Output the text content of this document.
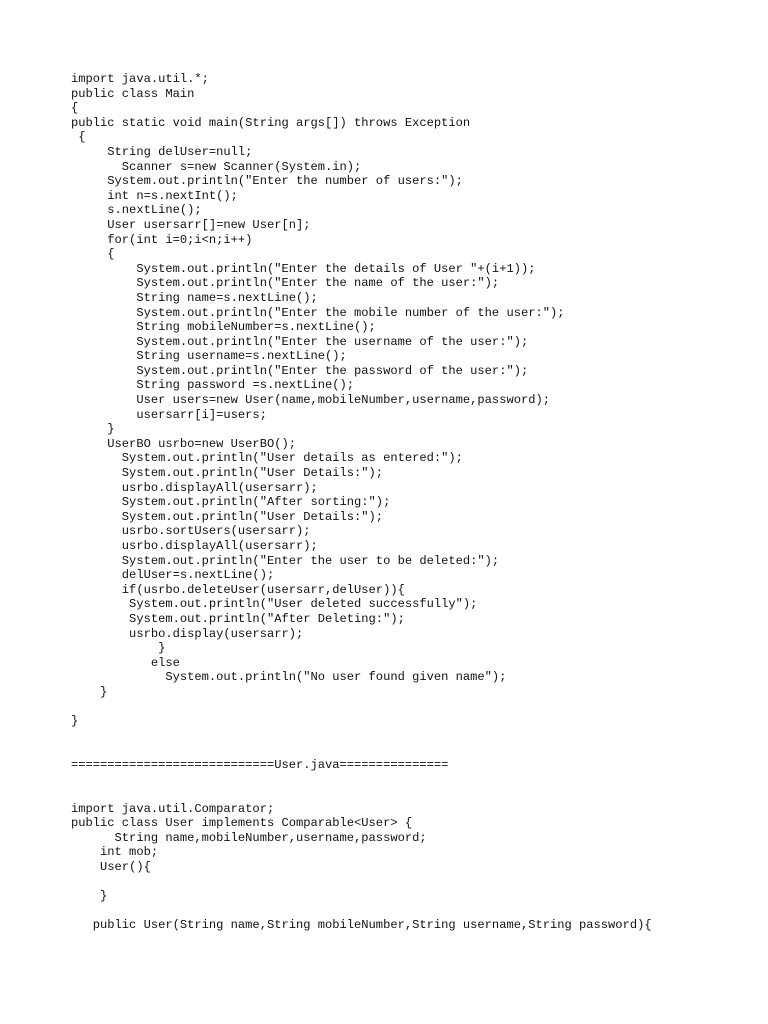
import java.util.*;
public class Main
{
public static void main(String args[]) throws Exception
{
String delUser=null;
Scanner s=new Scanner(System.in);
System.out.println("Enter the number of users:");
int n=s.nextInt();
s.nextLine();
User usersarr[]=new User[n];
for(int i=0;i<n;i++)
{
System.out.println("Enter the details of User "+(i+1));
System.out.println("Enter the name of the user:");
String name=s.nextLine();
System.out.println("Enter the mobile number of the user:");
String mobileNumber=s.nextLine();
System.out.println("Enter the username of the user:");
String username=s.nextLine();
System.out.println("Enter the password of the user:");
String password =s.nextLine();
User users=new User(name,mobileNumber,username,password);
usersarr[i]=users;
}
UserBO usrbo=new UserBO();
System.out.println("User details as entered:");
System.out.println("User Details:");
usrbo.displayAll(usersarr);
System.out.println("After sorting:");
System.out.println("User Details:");
usrbo.sortUsers(usersarr);
usrbo.displayAll(usersarr);
System.out.println("Enter the user to be deleted:");
delUser=s.nextLine();
if(usrbo.deleteUser(usersarr,delUser)){
System.out.println("User deleted successfully");
System.out.println("After Deleting:");
usrbo.display(usersarr);
}
else
System.out.println("No user found given name");
}
}
============================User.java===============
import java.util.Comparator;
public class User implements Comparable<User> {
String name,mobileNumber,username,password;
int mob;
User(){
}
public User(String name,String mobileNumber,String username,String password){
